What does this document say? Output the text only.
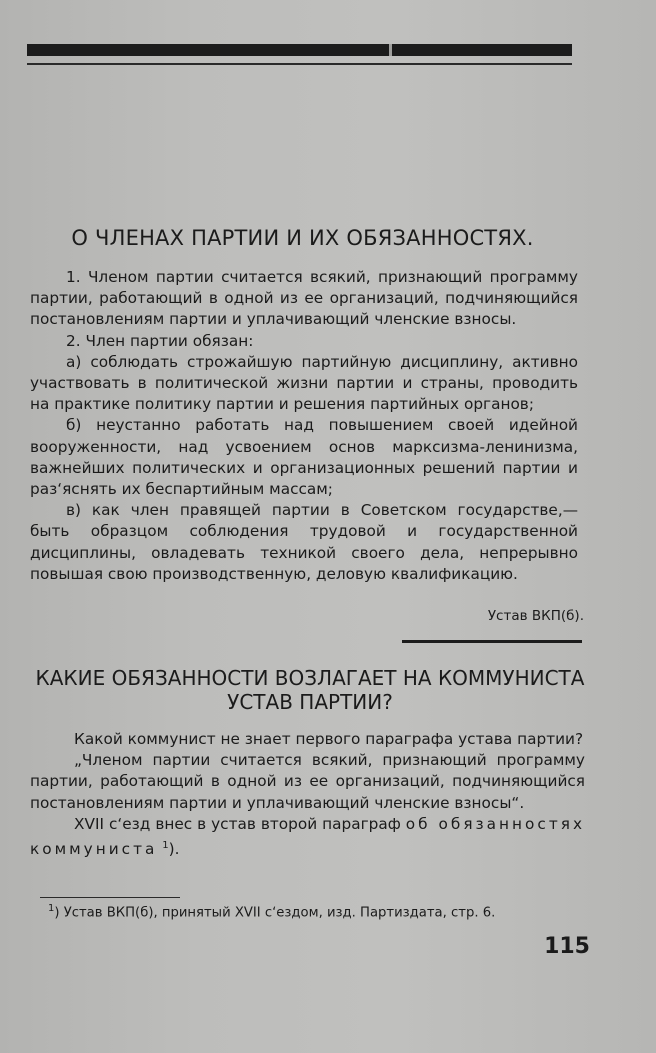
О ЧЛЕНАХ ПАРТИИ И ИХ ОБЯЗАННОСТЯХ.

1. Членом партии считается всякий, признающий программу партии, работающий в одной из ее организаций, подчиняющийся постановлениям партии и уплачивающий членские взносы.

2. Член партии обязан:

а) соблюдать строжайшую партийную дисциплину, активно участвовать в политической жизни партии и страны, проводить на практике политику партии и решения партийных органов;

б) неустанно работать над повышением своей идейной вооруженности, над усвоением основ марксизма-ленинизма, важнейших политических и организационных решений партии и раз‘яснять их беспартийным массам;

в) как член правящей партии в Советском государстве,— быть образцом соблюдения трудовой и государственной дисциплины, овладевать техникой своего дела, непрерывно повышая свою производственную, деловую квалификацию.

Устав ВКП(б).
КАКИЕ ОБЯЗАННОСТИ ВОЗЛАГАЕТ НА КОММУНИСТА
УСТАВ ПАРТИИ?

Какой коммунист не знает первого параграфа устава партии?

„Членом партии считается всякий, признающий программу партии, работающий в одной из ее организаций, подчиняющийся постановлениям партии и уплачивающий членские взносы“.

XVII с‘езд внес в устав второй параграф об обязанностях коммуниста $^1$).

$^1$) Устав ВКП(б), принятый XVII с‘ездом, изд. Партиздата, стр. 6.
115
